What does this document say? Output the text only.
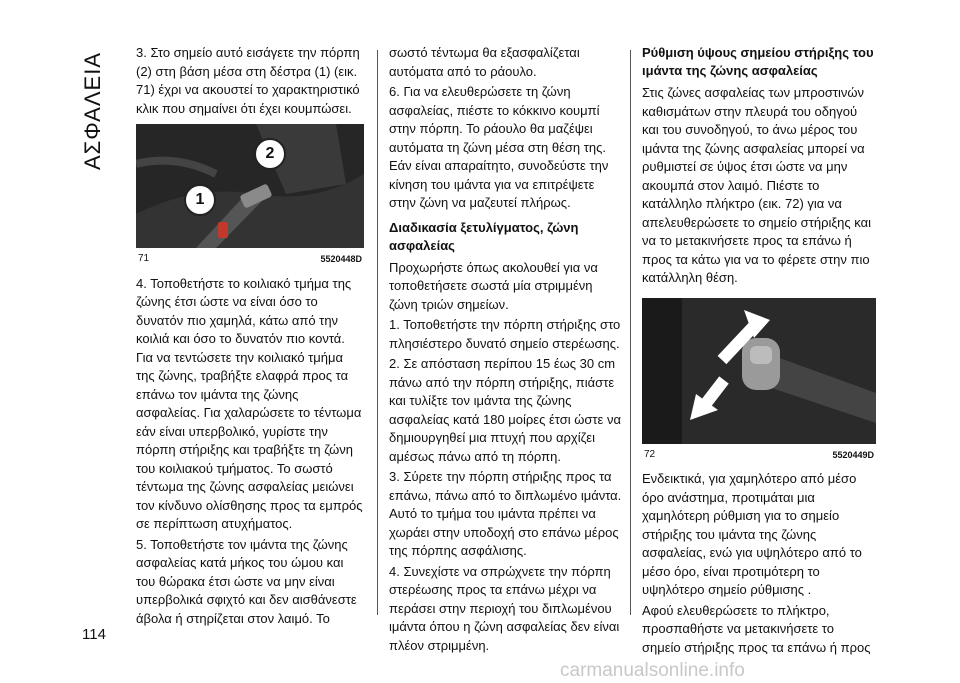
ΑΣΦΑΛΕΙΑ
114

3. Στο σημείο αυτό εισάγετε την πόρπη (2) στη βάση μέσα στη δέστρα (1) (εικ. 71) έχρι να ακουστεί το χαρακτηριστικό κλικ που σημαίνει ότι έχει κουμπώσει.

1
2
71	5520448D

4. Τοποθετήστε το κοιλιακό τμήμα της ζώνης έτσι ώστε να είναι όσο το δυνατόν πιο χαμηλά, κάτω από την κοιλιά και όσο το δυνατόν πιο κοντά. Για να τεντώσετε την κοιλιακό τμήμα της ζώνης, τραβήξτε ελαφρά προς τα επάνω τον ιμάντα της ζώνης ασφαλείας. Για χαλαρώσετε το τέντωμα εάν είναι υπερβολικό, γυρίστε την πόρπη στήριξης και τραβήξτε τη ζώνη του κοιλιακού τμήματος. Το σωστό τέντωμα της ζώνης ασφαλείας μειώνει τον κίνδυνο ολίσθησης προς τα εμπρός σε περίπτωση ατυχήματος.

5. Τοποθετήστε τον ιμάντα της ζώνης ασφαλείας κατά μήκος του ώμου και του θώρακα έτσι ώστε να μην είναι υπερβολικά σφιχτό και δεν αισθάνεστε άβολα ή στηρίζεται στον λαιμό. Το

σωστό τέντωμα θα εξασφαλίζεται αυτόματα από το ράουλο.

6. Για να ελευθερώσετε τη ζώνη ασφαλείας, πιέστε το κόκκινο κουμπί στην πόρπη. Το ράουλο θα μαζέψει αυτόματα τη ζώνη μέσα στη θέση της. Εάν είναι απαραίτητο, συνοδεύστε την κίνηση του ιμάντα για να επιτρέψετε στην ζώνη να μαζευτεί πλήρως.

Διαδικασία ξετυλίγματος, ζώνη ασφαλείας

Προχωρήστε όπως ακολουθεί για να τοποθετήσετε σωστά μία στριμμένη ζώνη τριών σημείων.

1. Τοποθετήστε την πόρπη στήριξης στο πλησιέστερο δυνατό σημείο στερέωσης.

2. Σε απόσταση περίπου 15 έως 30 cm πάνω από την πόρπη στήριξης, πιάστε και τυλίξτε τον ιμάντα της ζώνης ασφαλείας κατά 180 μοίρες έτσι ώστε να δημιουργηθεί μια πτυχή που αρχίζει αμέσως πάνω από τη πόρπη.

3. Σύρετε την πόρπη στήριξης προς τα επάνω, πάνω από το διπλωμένο ιμάντα. Αυτό το τμήμα του ιμάντα πρέπει να χωράει στην υποδοχή στο επάνω μέρος της πόρπης ασφάλισης.

4. Συνεχίστε να σπρώχνετε την πόρπη στερέωσης προς τα επάνω μέχρι να περάσει στην περιοχή του διπλωμένου ιμάντα όπου η ζώνη ασφαλείας δεν είναι πλέον στριμμένη.

Ρύθμιση ύψους σημείου στήριξης του ιμάντα της ζώνης ασφαλείας

Στις ζώνες ασφαλείας των μπροστινών καθισμάτων στην πλευρά του οδηγού και του συνοδηγού, το άνω μέρος του ιμάντα της ζώνης ασφαλείας μπορεί να ρυθμιστεί σε ύψος έτσι ώστε να μην ακουμπά στον λαιμό. Πιέστε το κατάλληλο πλήκτρο (εικ. 72) για να απελευθερώσετε το σημείο στήριξης και να το μετακινήσετε προς τα επάνω ή προς τα κάτω για να το φέρετε στην πιο κατάλληλη θέση.

72	5520449D

Ενδεικτικά, για χαμηλότερο από μέσο όρο ανάστημα, προτιμάται μια χαμηλότερη ρύθμιση για το σημείο στήριξης του ιμάντα της ζώνης ασφαλείας, ενώ για υψηλότερο από το μέσο όρο, είναι προτιμότερη το υψηλότερο σημείο ρύθμισης .

Αφού ελευθερώσετε το πλήκτρο, προσπαθήστε να μετακινήσετε το σημείο στήριξης προς τα επάνω ή προς

carmanualsonline.info
